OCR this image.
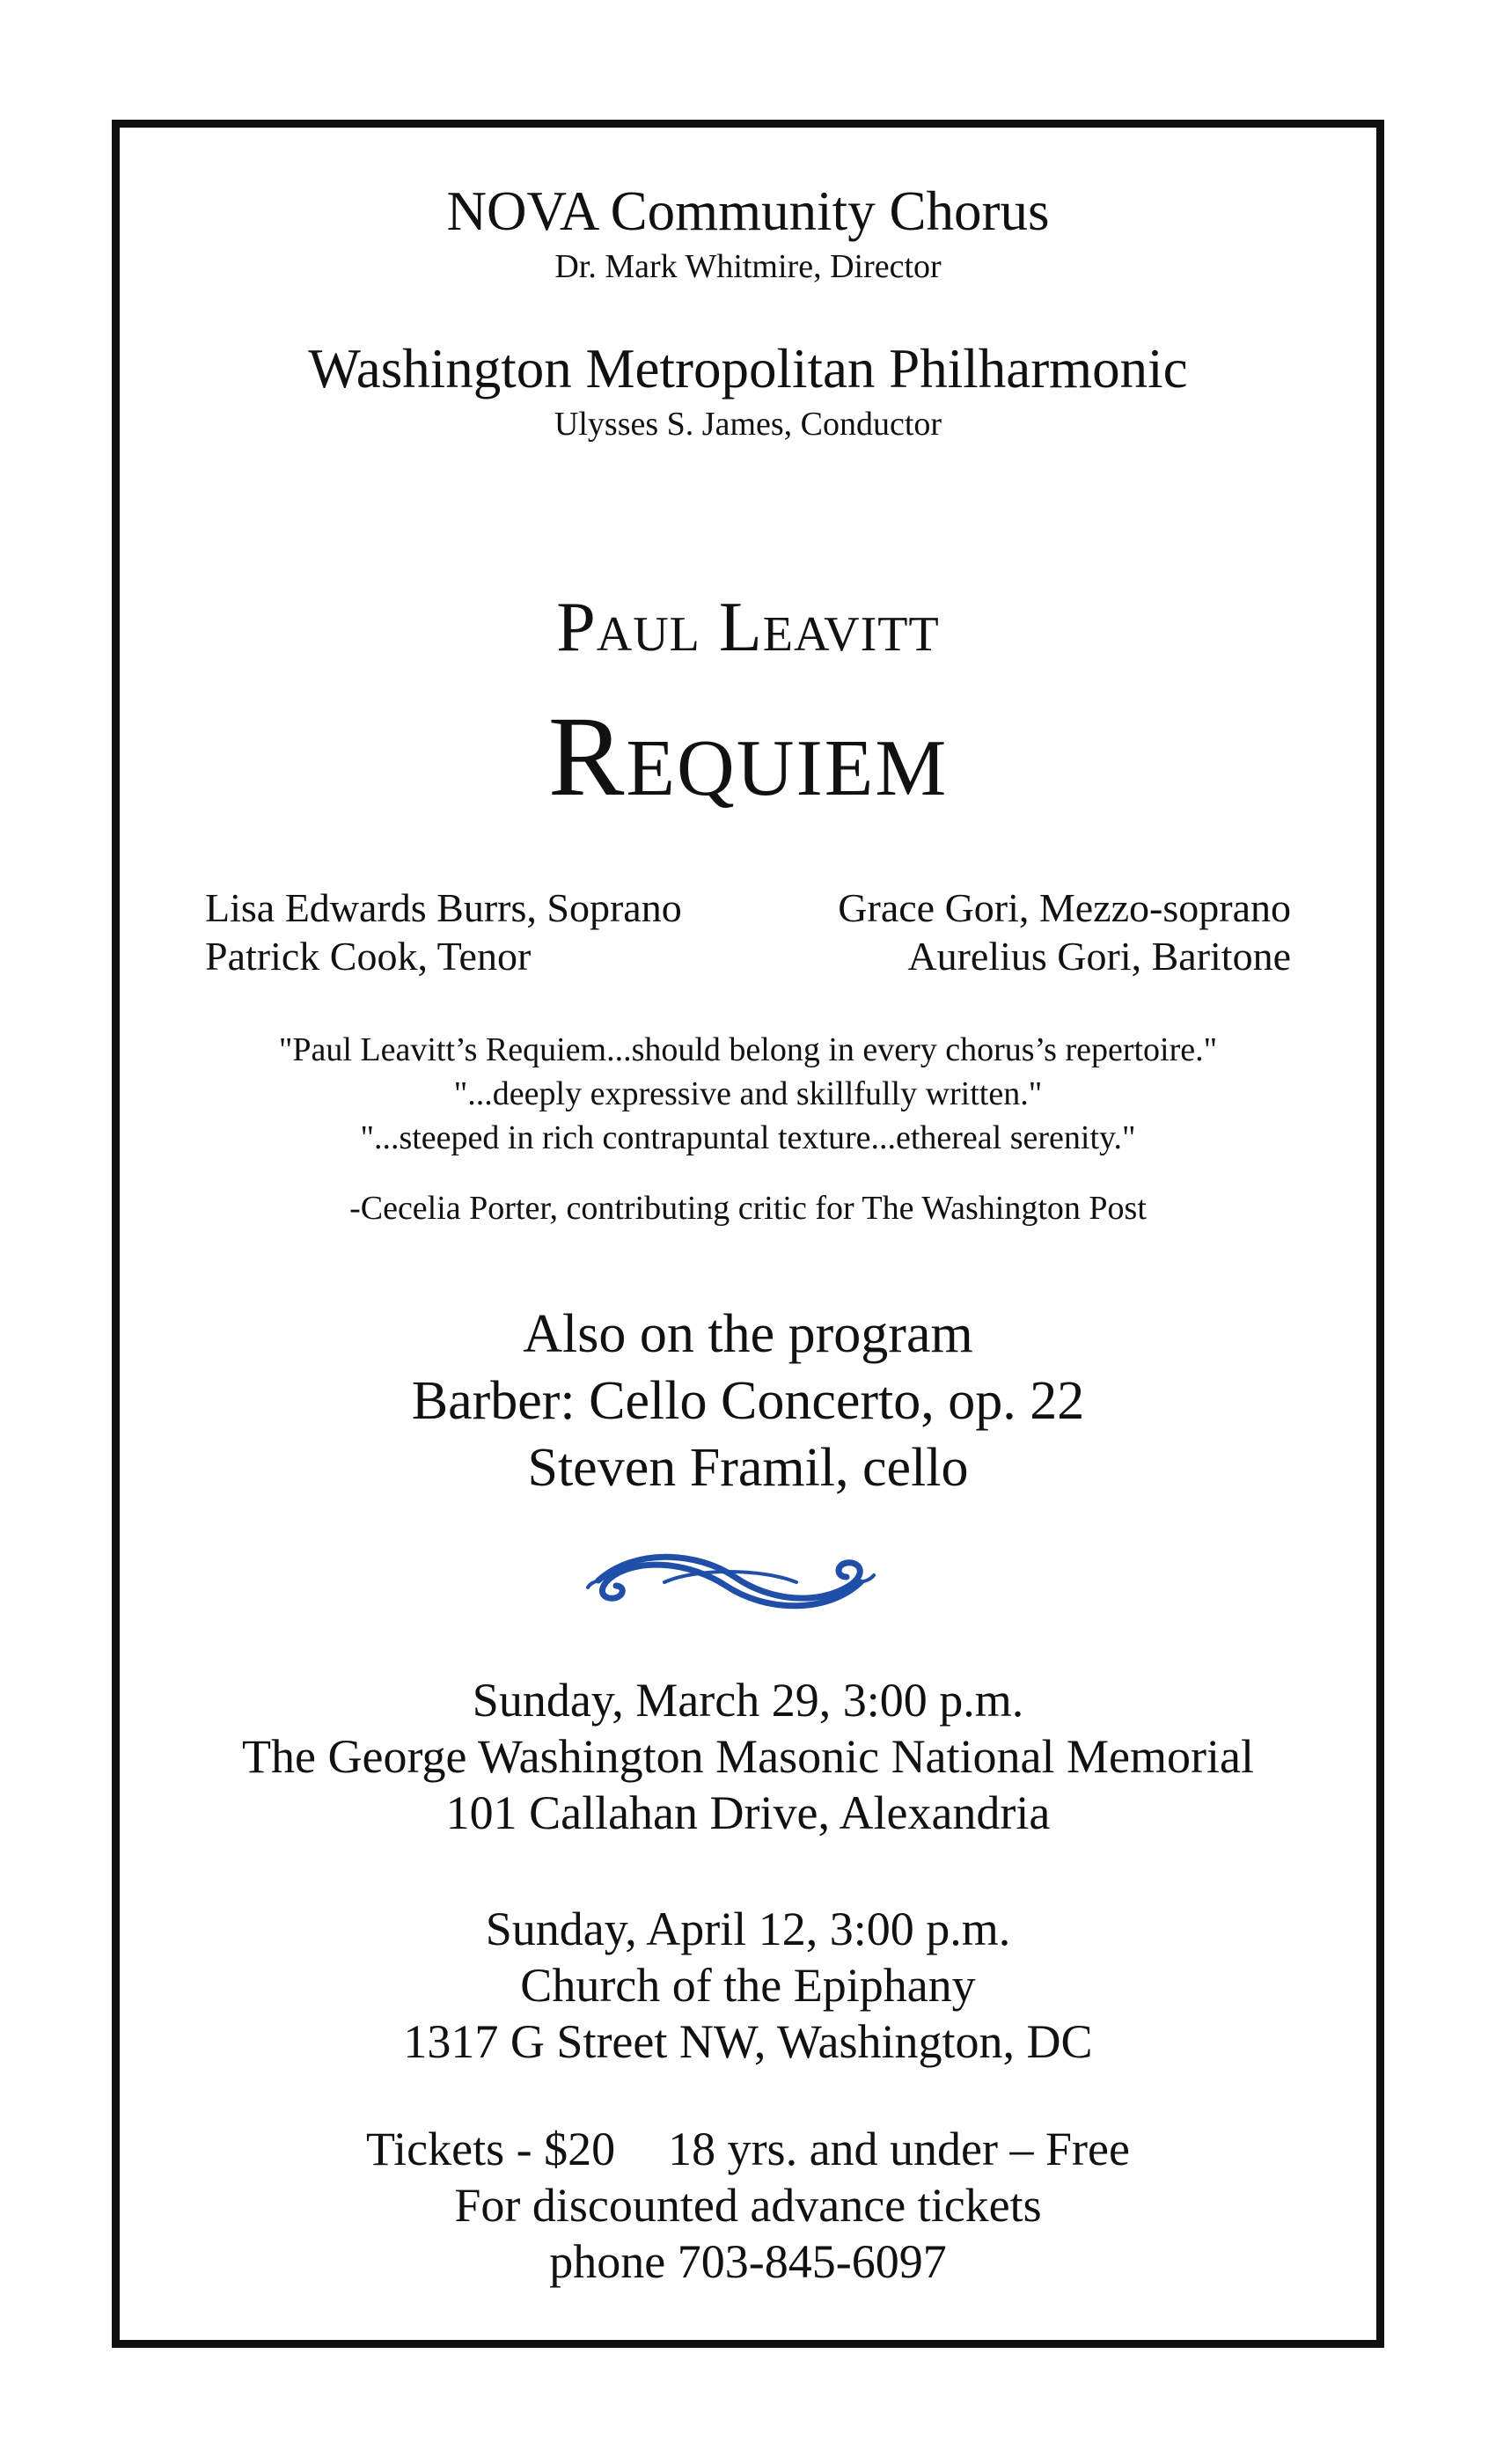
NOVA Community Chorus
Dr. Mark Whitmire, Director
Washington Metropolitan Philharmonic
Ulysses S. James, Conductor
Paul Leavitt
Requiem
Lisa Edwards Burrs, Soprano
Patrick Cook, Tenor
Grace Gori, Mezzo-soprano
Aurelius Gori, Baritone
"Paul Leavitt’s Requiem...should belong in every chorus’s repertoire."
"...deeply expressive and skillfully written."
"...steeped in rich contrapuntal texture...ethereal serenity."
-Cecelia Porter, contributing critic for The Washington Post
Also on the program
Barber: Cello Concerto, op. 22
Steven Framil, cello
Sunday, March 29, 3:00 p.m.
The George Washington Masonic National Memorial
101 Callahan Drive, Alexandria
Sunday, April 12, 3:00 p.m.
Church of the Epiphany
1317 G Street NW, Washington, DC
Tickets - $20 18 yrs. and under – Free
For discounted advance tickets
phone 703-845-6097
